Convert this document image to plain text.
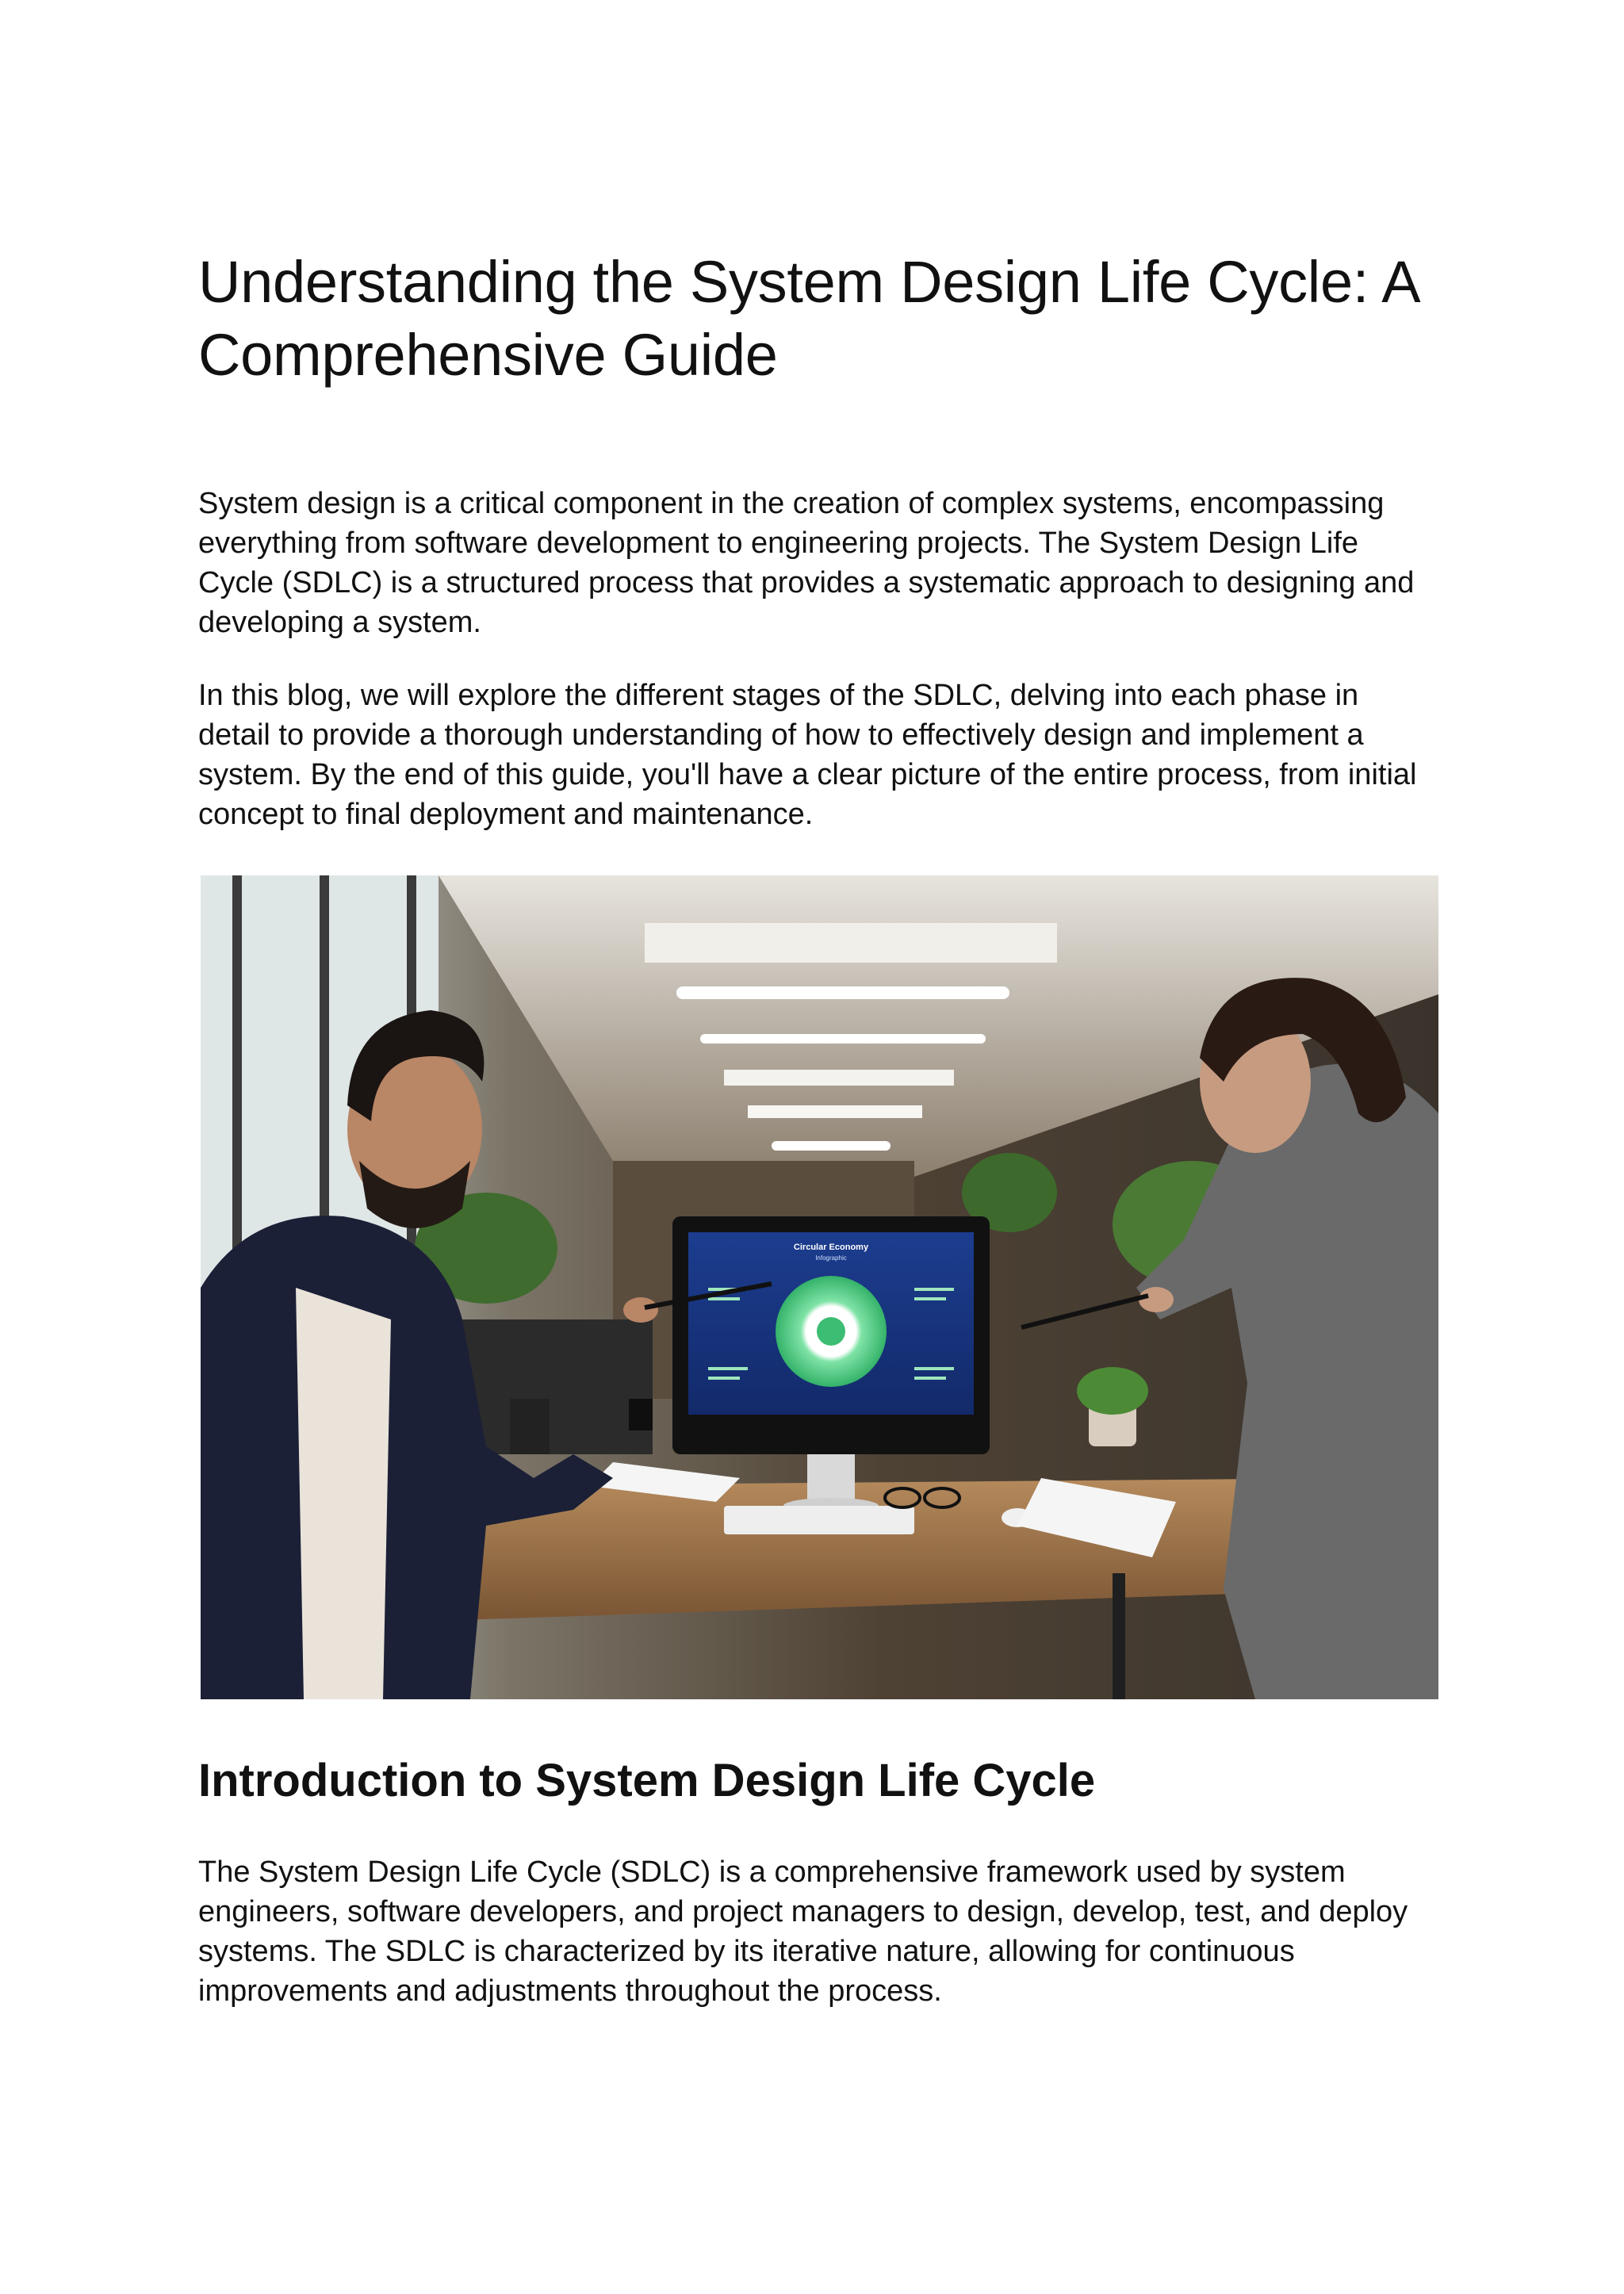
Understanding the System Design Life Cycle: A Comprehensive Guide

System design is a critical component in the creation of complex systems, encompassing everything from software development to engineering projects. The System Design Life Cycle (SDLC) is a structured process that provides a systematic approach to designing and developing a system.

In this blog, we will explore the different stages of the SDLC, delving into each phase in detail to provide a thorough understanding of how to effectively design and implement a system. By the end of this guide, you'll have a clear picture of the entire process, from initial concept to final deployment and maintenance.

Circular Economy
Infographic
Introduction to System Design Life Cycle

The System Design Life Cycle (SDLC) is a comprehensive framework used by system engineers, software developers, and project managers to design, develop, test, and deploy systems. The SDLC is characterized by its iterative nature, allowing for continuous improvements and adjustments throughout the process.
